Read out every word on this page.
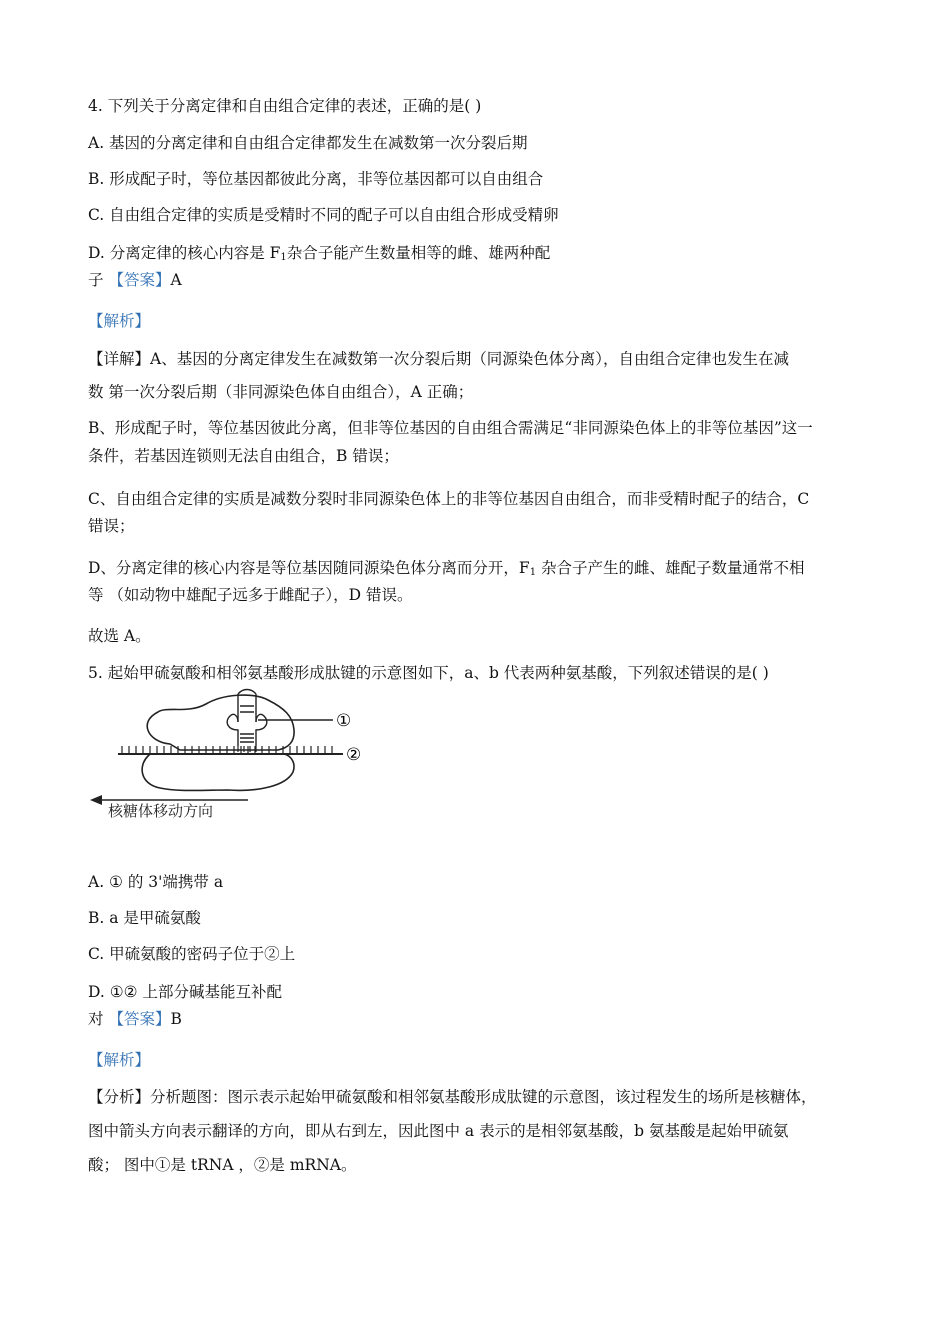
4. 下列关于分离定律和自由组合定律的表述，正确的是( )
A. 基因的分离定律和自由组合定律都发生在减数第一次分裂后期
B. 形成配子时，等位基因都彼此分离，非等位基因都可以自由组合
C. 自由组合定律的实质是受精时不同的配子可以自由组合形成受精卵
D. 分离定律的核心内容是 $F_1$杂合子能产生数量相等的雌、雄两种配
子 【答案】A
【解析】
【详解】A、基因的分离定律发生在减数第一次分裂后期（同源染色体分离），自由组合定律也发生在减
数 第一次分裂后期（非同源染色体自由组合），A 正确；
B、形成配子时，等位基因彼此分离，但非等位基因的自由组合需满足“非同源染色体上的非等位基因”这一
条件，若基因连锁则无法自由组合，B 错误；
C、自由组合定律的实质是减数分裂时非同源染色体上的非等位基因自由组合，而非受精时配子的结合，C
错误；
D、分离定律的核心内容是等位基因随同源染色体分离而分开，$F_1$ 杂合子产生的雌、雄配子数量通常不相
等 （如动物中雄配子远多于雌配子），D 错误。
故选 A。
5. 起始甲硫氨酸和相邻氨基酸形成肽键的示意图如下，a、b 代表两种氨基酸，下列叙述错误的是( )
①
②
核糖体移动方向
A. ① 的 3'端携带 a
B. a 是甲硫氨酸
C. 甲硫氨酸的密码子位于②上
D. ①② 上部分碱基能互补配
对 【答案】B
【解析】
【分析】分析题图：图示表示起始甲硫氨酸和相邻氨基酸形成肽键的示意图，该过程发生的场所是核糖体，
图中箭头方向表示翻译的方向，即从右到左，因此图中 a 表示的是相邻氨基酸，b 氨基酸是起始甲硫氨
酸； 图中①是 tRNA ，②是 mRNA。
